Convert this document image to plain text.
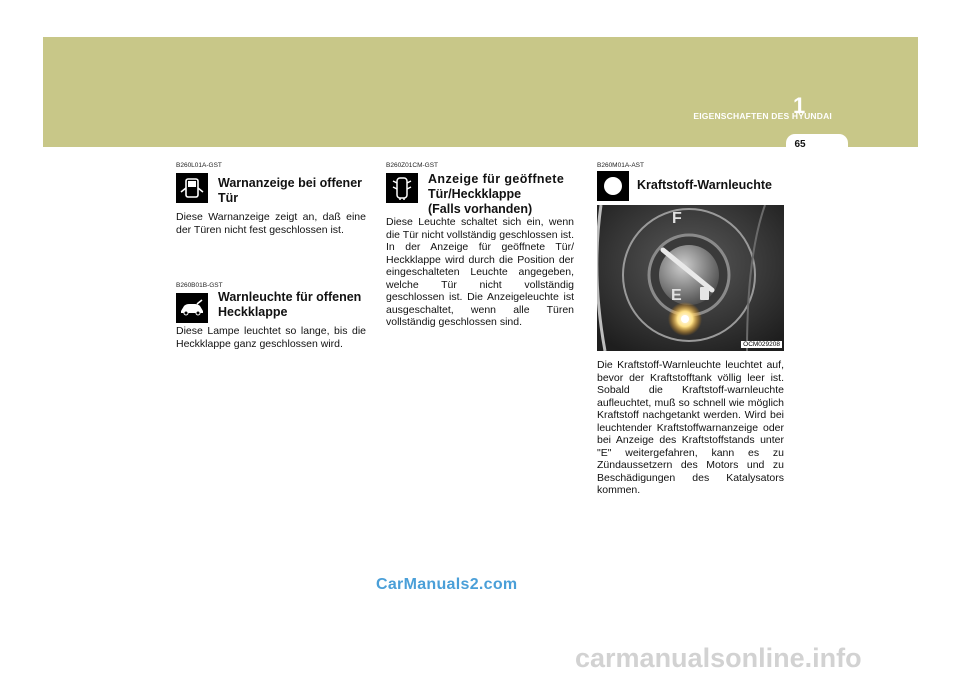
EIGENSCHAFTEN DES HYUNDAI
1
65
B260L01A-GST
Warnanzeige bei offener
Tür
Diese Warnanzeige zeigt an, daß eine der Türen nicht fest geschlossen ist.
B260B01B-GST
Warnleuchte für offenen
Heckklappe
Diese Lampe leuchtet so lange, bis die Heckklappe ganz geschlossen wird.
B260Z01CM-GST
Anzeige für geöffnete
Tür/Heckklappe
(Falls vorhanden)
Diese Leuchte schaltet sich ein, wenn die Tür nicht vollständig geschlossen ist. In der Anzeige für geöffnete Tür/ Heckklappe wird durch die Position der eingeschalteten Leuchte angegeben, welche Tür nicht vollständig geschlossen ist. Die Anzeigeleuchte ist ausgeschaltet, wenn alle Türen vollständig geschlossen sind.
B260M01A-AST
Kraftstoff-Warnleuchte
F
E
OCM029208
Die Kraftstoff-Warnleuchte leuchtet auf, bevor der Kraftstofftank völlig leer ist. Sobald die Kraftstoff-warnleuchte aufleuchtet, muß so schnell wie möglich Kraftstoff nachgetankt werden. Wird bei leuchtender Kraftstoffwarnanzeige oder bei Anzeige des Kraftstoffstands unter "E" weitergefahren, kann es zu Zündaussetzern des Motors und zu Beschädigungen des Katalysators kommen.
CarManuals2.com
carmanualsonline.info
